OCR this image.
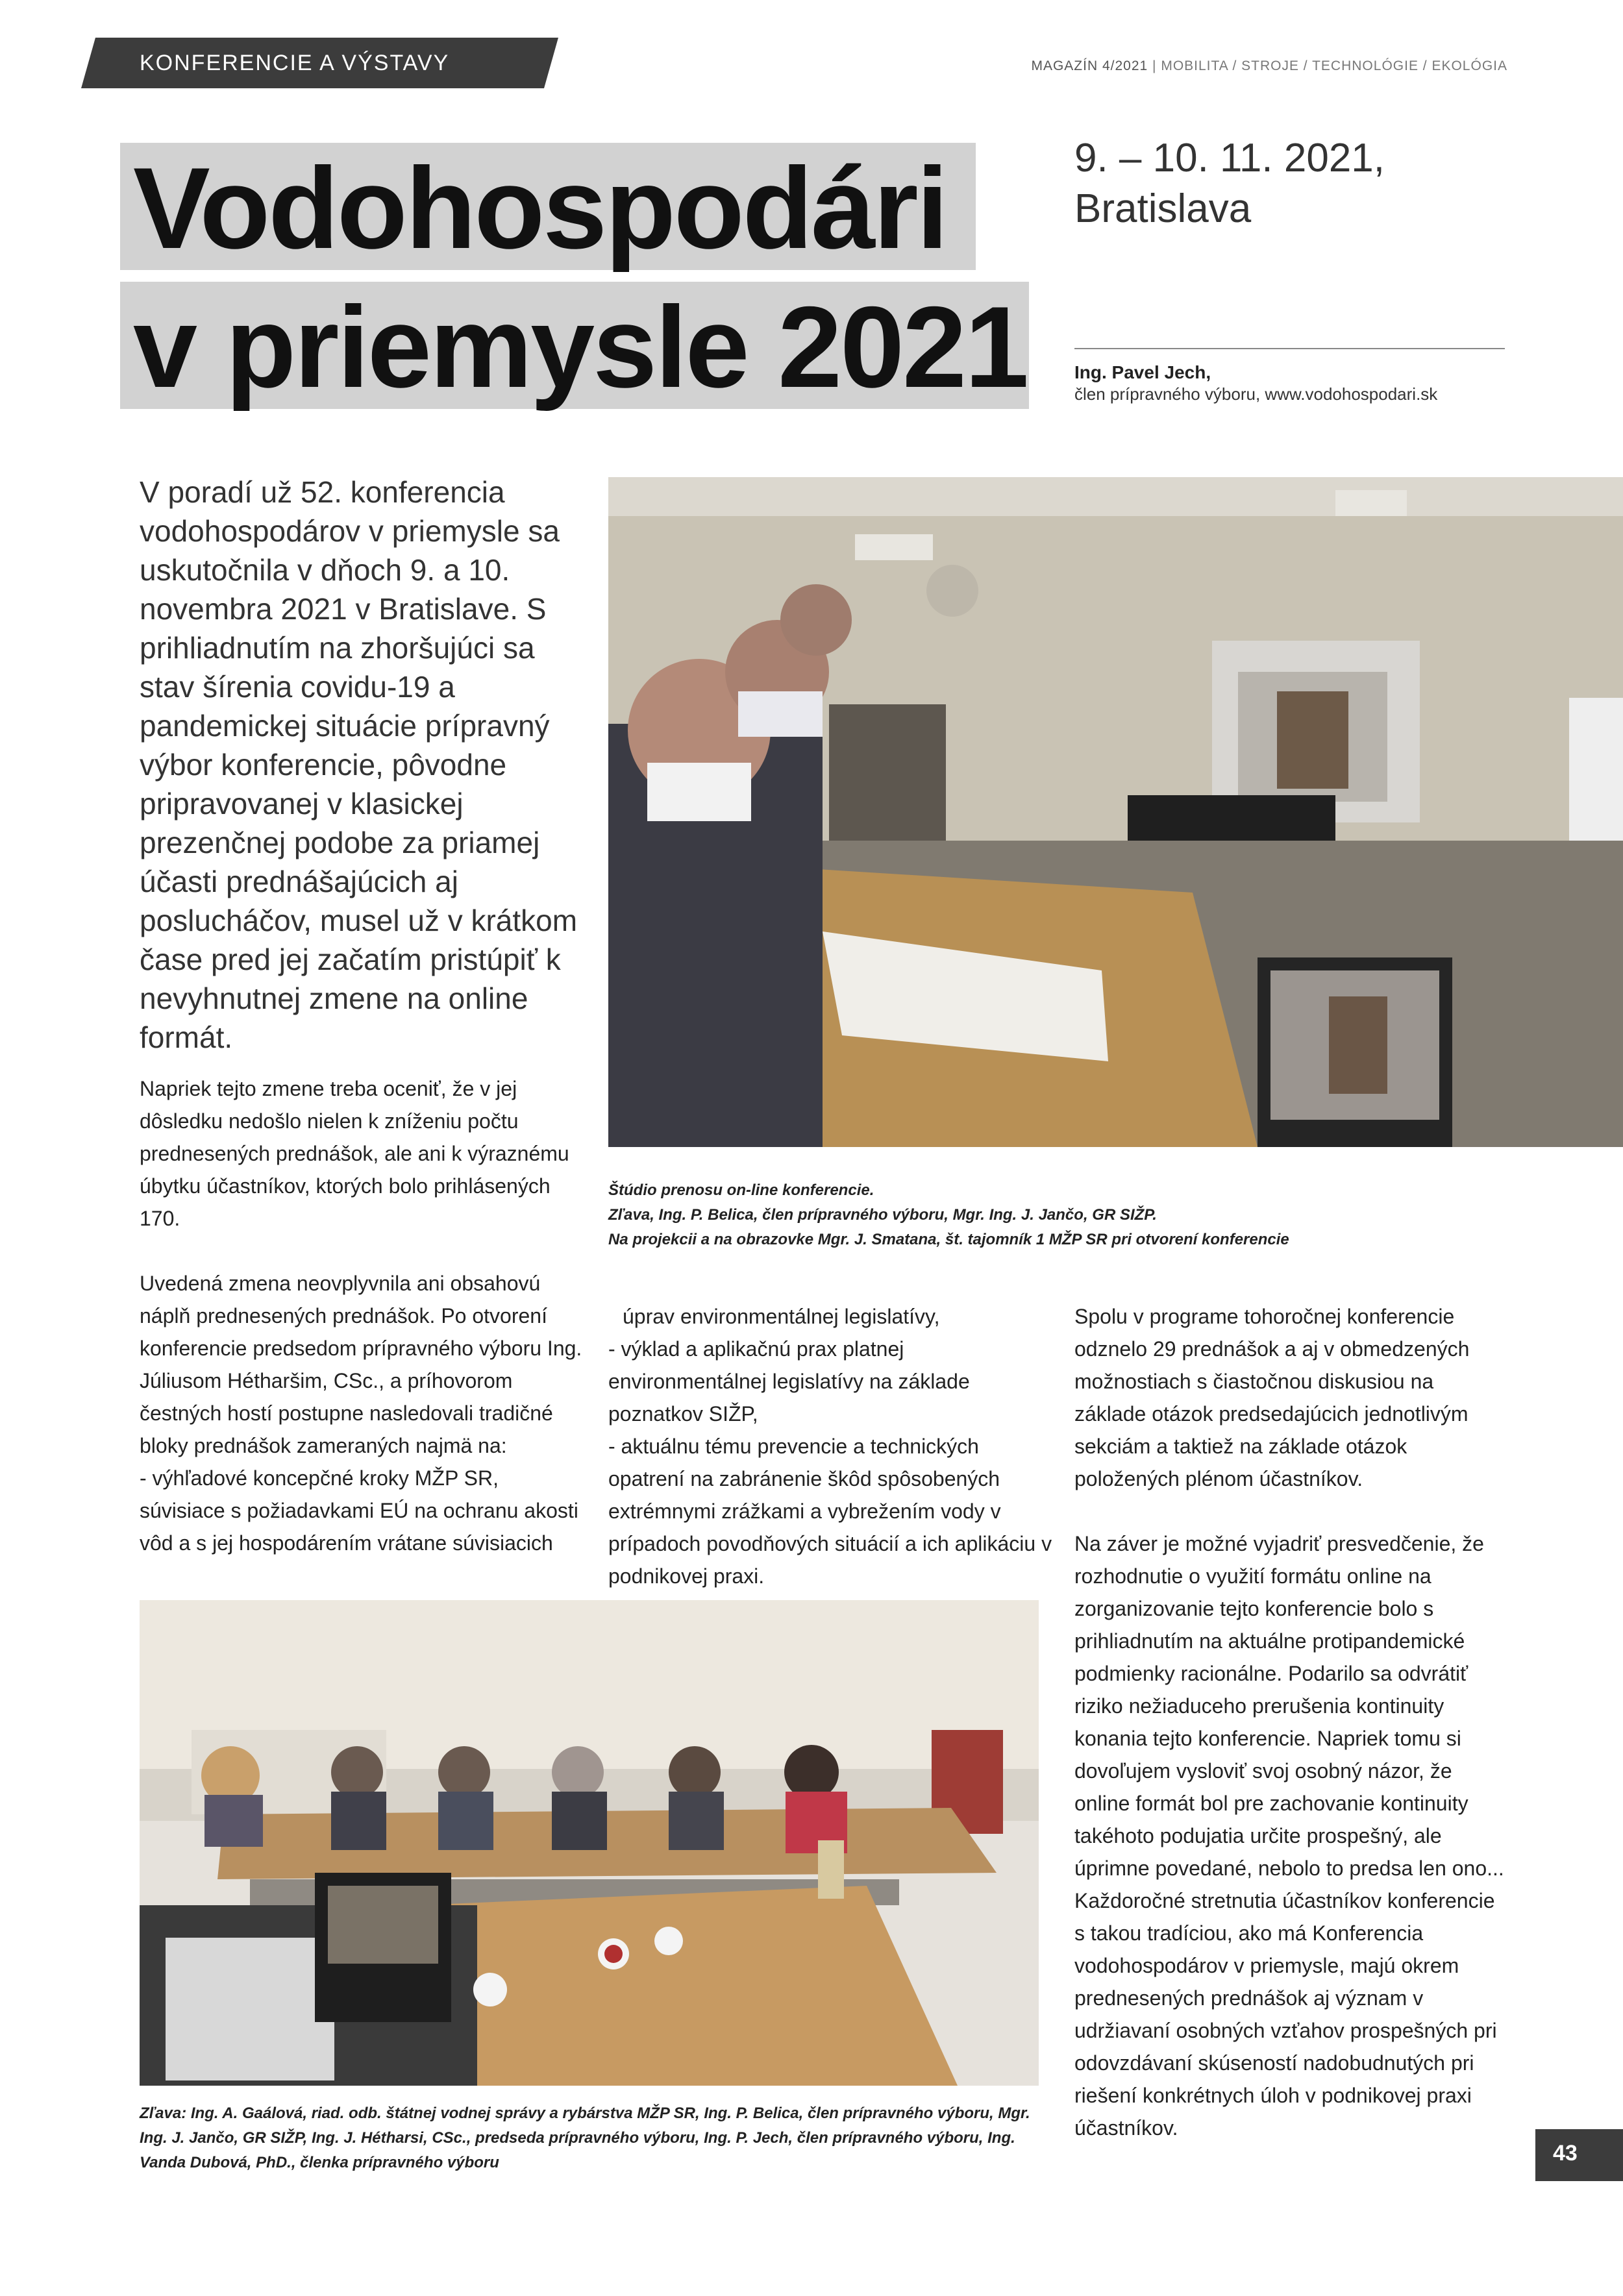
KONFERENCIE A VÝSTAVY	MAGAZÍN 4/2021 | MOBILITA / STROJE / TECHNOLÓGIE / EKOLÓGIA
Vodohospodári
v priemysle 2021
9. – 10. 11. 2021,
Bratislava
Ing. Pavel Jech,
člen prípravného výboru, www.vodohospodari.sk
V poradí už 52. konferencia vodohospodárov v priemysle sa uskutočnila v dňoch 9. a 10. novembra 2021 v Bratislave. S prihliadnutím na zhoršujúci sa stav šírenia covidu-19 a pandemickej situácie prípravný výbor konferencie, pôvodne pripravovanej v klasickej prezenčnej podobe za priamej účasti prednášajúcich aj poslucháčov, musel už v krátkom čase pred jej začatím pristúpiť k nevyhnutnej zmene na online formát.
Štúdio prenosu on-line konferencie.
Zľava, Ing. P. Belica, člen prípravného výboru, Mgr. Ing. J. Jančo, GR SIŽP.
Na projekcii a na obrazovke Mgr. J. Smatana, št. tajomník 1 MŽP SR pri otvorení konferencie

Napriek tejto zmene treba oceniť, že v jej dôsledku nedošlo nielen k zníženiu počtu prednesených prednášok, ale ani k výraznému úbytku účastníkov, ktorých bolo prihlásených 170.

Uvedená zmena neovplyvnila ani obsahovú náplň prednesených prednášok. Po otvorení konferencie predsedom prípravného výboru Ing. Júliusom Hétharšim, CSc., a príhovorom čestných hostí postupne nasledovali tradičné bloky prednášok zameraných najmä na:

- výhľadové koncepčné kroky MŽP SR, súvisiace s požiadavkami EÚ na ochranu akosti vôd a s jej hospodárením vrátane súvisiacich

úprav environmentálnej legislatívy,

- výklad a aplikačnú prax platnej environmentálnej legislatívy na základe poznatkov SIŽP,

- aktuálnu tému prevencie a technických opatrení na zabránenie škôd spôsobených extrémnymi zrážkami a vybrežením vody v prípadoch povodňových situácií a ich aplikáciu v podnikovej praxi.

Spolu v programe tohoročnej konferencie odznelo 29 prednášok a aj v obmedzených možnostiach s čiastočnou diskusiou na základe otázok predsedajúcich jednotlivým sekciám a taktiež na základe otázok položených plénom účastníkov.

Na záver je možné vyjadriť presvedčenie, že rozhodnutie o využití formátu online na zorganizovanie tejto konferencie bolo s prihliadnutím na aktuálne protipandemické podmienky racionálne. Podarilo sa odvrátiť riziko nežiaduceho prerušenia kontinuity konania tejto konferencie. Napriek tomu si dovoľujem vysloviť svoj osobný názor, že online formát bol pre zachovanie kontinuity takéhoto podujatia určite prospešný, ale úprimne povedané, nebolo to predsa len ono... Každoročné stretnutia účastníkov konferencie s takou tradíciou, ako má Konferencia vodohospodárov v priemysle, majú okrem prednesených prednášok aj význam v udržiavaní osobných vzťahov prospešných pri odovzdávaní skúseností nadobudnutých pri riešení konkrétnych úloh v podnikovej praxi účastníkov.

Zľava: Ing. A. Gaálová, riad. odb. štátnej vodnej správy a rybárstva MŽP SR, Ing. P. Belica, člen prípravného výboru, Mgr. Ing. J. Jančo, GR SIŽP, Ing. J. Hétharsi, CSc., predseda prípravného výboru, Ing. P. Jech, člen prípravného výboru, Ing. Vanda Dubová, PhD., členka prípravného výboru	43
